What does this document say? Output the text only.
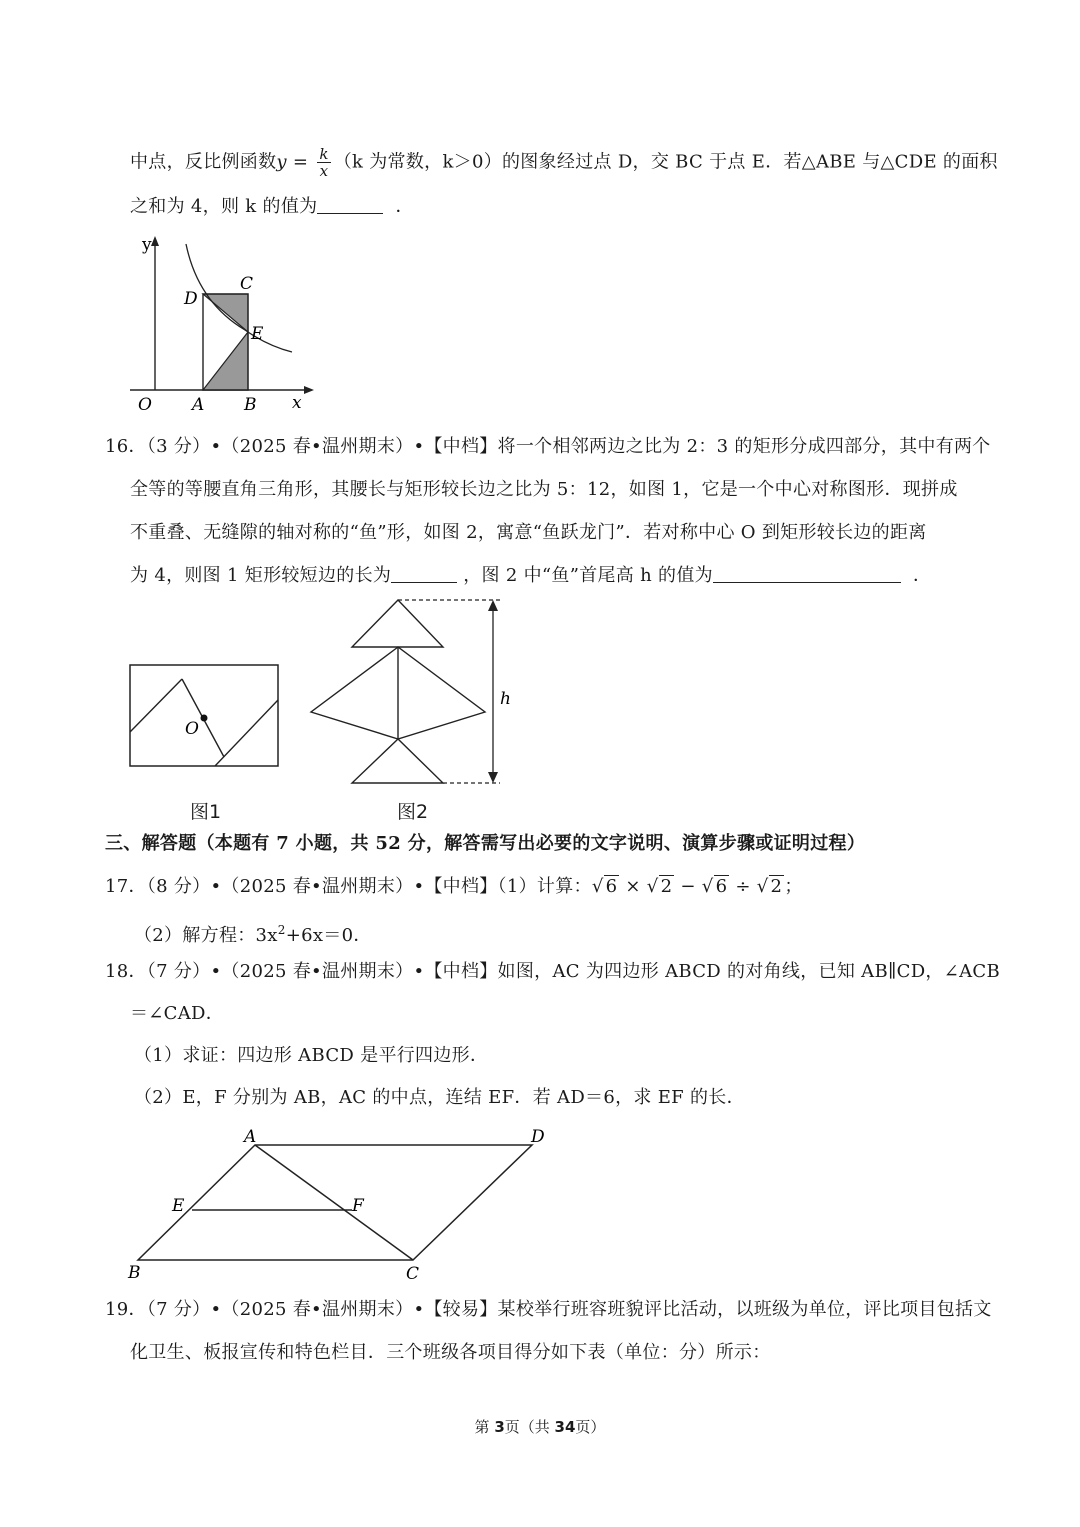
中点，反比例函数$y = \frac{k}{x} (k$ 为常数，k＞0）的图象经过点 D，交 BC 于点 E．若△ABE 与△CDE 的面积
之和为 4，则 k 的值为	．
y
x
O A B
C
D
E
16．（3 分）•（2025 春•温州期末）•【中档】将一个相邻两边之比为 2：3 的矩形分成四部分，其中有两个
全等的等腰直角三角形，其腰长与矩形较长边之比为 5：12，如图 1，它是一个中心对称图形．现拼成
不重叠、无缝隙的轴对称的“鱼”形，如图 2，寓意“鱼跃龙门”．若对称中心 O 到矩形较长边的距离
为 4，则图 1 矩形较短边的长为	，图 2 中“鱼”首尾高 h 的值为	．
O
图1
h
图2
三、解答题（本题有 7 小题，共 52 分，解答需写出必要的文字说明、演算步骤或证明过程）
17．（8 分）•（2025 春•温州期末）•【中档】（1）计算：√ 6 × √ 2 − √ 6 ÷ √ 2 ；
（2）解方程：$3x^2+6x=0$．
18．（7 分）•（2025 春•温州期末）•【中档】如图，AC 为四边形 ABCD 的对角线，已知 AB∥CD，∠ACB
＝∠CAD．
（1）求证：四边形 ABCD 是平行四边形．
（2）E，F 分别为 AB，AC 的中点，连结 EF．若 AD＝6，求 EF 的长．
A	D
E	F
B	C
19．（7 分）•（2025 春•温州期末）•【较易】某校举行班容班貌评比活动，以班级为单位，评比项目包括文
化卫生、板报宣传和特色栏目．三个班级各项目得分如下表（单位：分）所示：
第 3页（共 34页）
